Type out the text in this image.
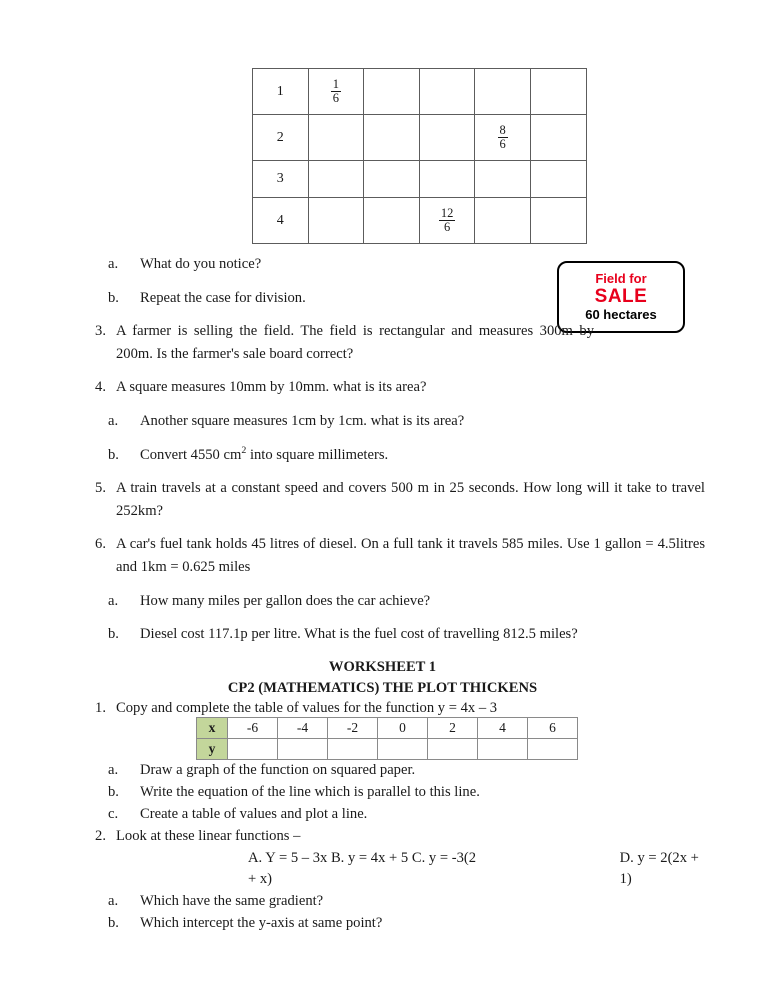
1	$\frac{1}{6}$

2				$\frac{8}{6}$

3					
4			$\frac{12}{6}$

Field for
SALE
60 hectares
a.	What do you notice?
b.	Repeat the case for division.
3. A farmer is selling the field. The field is rectangular and measures 300m by 200m. Is the farmer's sale board correct?
4. A square measures 10mm by 10mm. what is its area?
a.	Another square measures 1cm by 1cm. what is its area?
b.	Convert 4550 $cm^2$ into square millimeters.
5. A train travels at a constant speed and covers 500 m in 25 seconds. How long will it take to travel 252km?
6. A car's fuel tank holds 45 litres of diesel. On a full tank it travels 585 miles. Use 1 gallon = 4.5litres and 1km = 0.625 miles
a.	How many miles per gallon does the car achieve?
b.	Diesel cost 117.1p per litre. What is the fuel cost of travelling 812.5 miles?
WORKSHEET 1
CP2 (MATHEMATICS) THE PLOT THICKENS
1. Copy and complete the table of values for the function y = 4x – 3
x	-6	-4	-2	0	2	4	6
y							
a.	Draw a graph of the function on squared paper.
b.	Write the equation of the line which is parallel to this line.
c.	Create a table of values and plot a line.
2. Look at these linear functions –
A. Y = 5 – 3x B. y = 4x + 5 C. y = -3(2 + x)
D. y = 2(2x + 1)
a.	Which have the same gradient?
b.	Which intercept the y-axis at same point?
